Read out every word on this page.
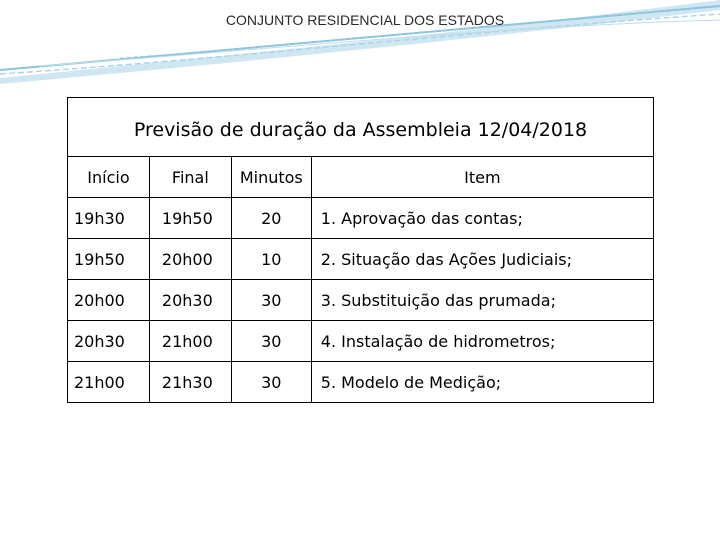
CONJUNTO RESIDENCIAL DOS ESTADOS
Previsão de duração da Assembleia 12/04/2018			
Início	Final	Minutos	Item
19h30	19h50	20	1. Aprovação das contas;
19h50	20h00	10	2. Situação das Ações Judiciais;
20h00	20h30	30	3. Substituição das prumada;
20h30	21h00	30	4. Instalação de hidrometros;
21h00	21h30	30	5. Modelo de Medição;
